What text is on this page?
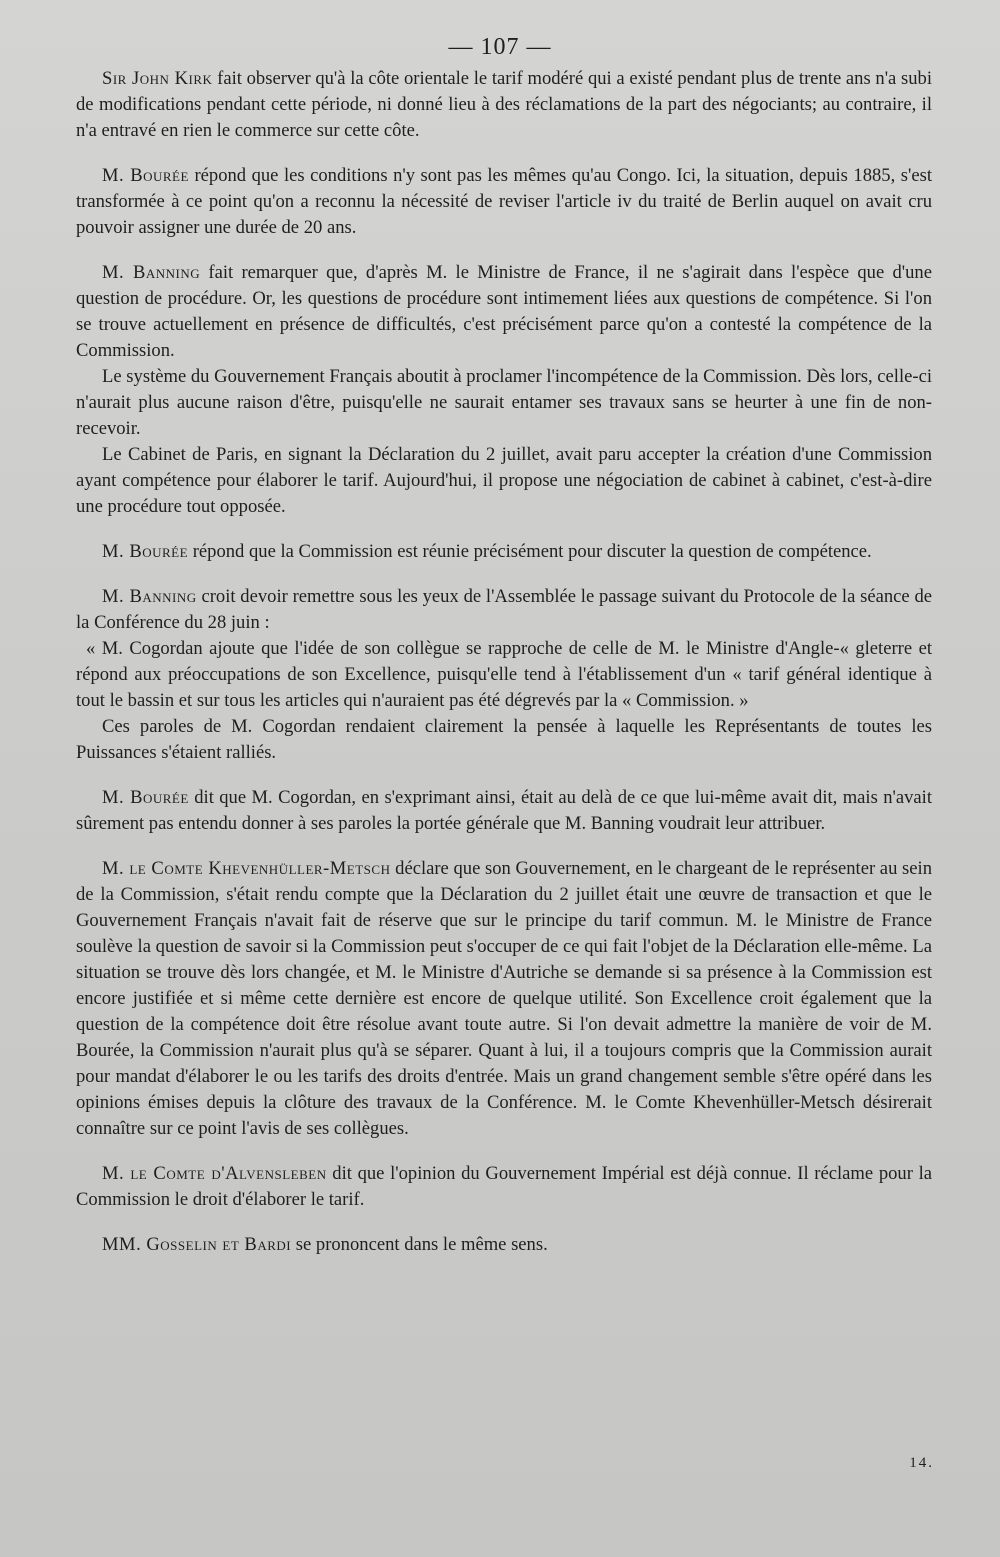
— 107 —

Sir John Kirk fait observer qu'à la côte orientale le tarif modéré qui a existé pendant plus de trente ans n'a subi de modifications pendant cette période, ni donné lieu à des réclamations de la part des négociants; au contraire, il n'a entravé en rien le commerce sur cette côte.

M. Bourée répond que les conditions n'y sont pas les mêmes qu'au Congo. Ici, la situation, depuis 1885, s'est transformée à ce point qu'on a reconnu la nécessité de reviser l'article iv du traité de Berlin auquel on avait cru pouvoir assigner une durée de 20 ans.

M. Banning fait remarquer que, d'après M. le Ministre de France, il ne s'agirait dans l'espèce que d'une question de procédure. Or, les questions de procédure sont intimement liées aux questions de compétence. Si l'on se trouve actuellement en présence de difficultés, c'est précisément parce qu'on a contesté la compétence de la Commission.

Le système du Gouvernement Français aboutit à proclamer l'incompétence de la Commission. Dès lors, celle-ci n'aurait plus aucune raison d'être, puisqu'elle ne saurait entamer ses travaux sans se heurter à une fin de non-recevoir.

Le Cabinet de Paris, en signant la Déclaration du 2 juillet, avait paru accepter la création d'une Commission ayant compétence pour élaborer le tarif. Aujourd'hui, il propose une négociation de cabinet à cabinet, c'est-à-dire une procédure tout opposée.

M. Bourée répond que la Commission est réunie précisément pour discuter la question de compétence.

M. Banning croit devoir remettre sous les yeux de l'Assemblée le passage suivant du Protocole de la séance de la Conférence du 28 juin :

« M. Cogordan ajoute que l'idée de son collègue se rapproche de celle de M. le Ministre d'Angle-« gleterre et répond aux préoccupations de son Excellence, puisqu'elle tend à l'établissement d'un « tarif général identique à tout le bassin et sur tous les articles qui n'auraient pas été dégrevés par la « Commission. »

Ces paroles de M. Cogordan rendaient clairement la pensée à laquelle les Représentants de toutes les Puissances s'étaient ralliés.

M. Bourée dit que M. Cogordan, en s'exprimant ainsi, était au delà de ce que lui-même avait dit, mais n'avait sûrement pas entendu donner à ses paroles la portée générale que M. Banning voudrait leur attribuer.

M. le Comte Khevenhüller-Metsch déclare que son Gouvernement, en le chargeant de le représenter au sein de la Commission, s'était rendu compte que la Déclaration du 2 juillet était une œuvre de transaction et que le Gouvernement Français n'avait fait de réserve que sur le principe du tarif commun. M. le Ministre de France soulève la question de savoir si la Commission peut s'occuper de ce qui fait l'objet de la Déclaration elle-même. La situation se trouve dès lors changée, et M. le Ministre d'Autriche se demande si sa présence à la Commission est encore justifiée et si même cette dernière est encore de quelque utilité. Son Excellence croit également que la question de la compétence doit être résolue avant toute autre. Si l'on devait admettre la manière de voir de M. Bourée, la Commission n'aurait plus qu'à se séparer. Quant à lui, il a toujours compris que la Commission aurait pour mandat d'élaborer le ou les tarifs des droits d'entrée. Mais un grand changement semble s'être opéré dans les opinions émises depuis la clôture des travaux de la Conférence. M. le Comte Khevenhüller-Metsch désirerait connaître sur ce point l'avis de ses collègues.

M. le Comte d'Alvensleben dit que l'opinion du Gouvernement Impérial est déjà connue. Il réclame pour la Commission le droit d'élaborer le tarif.

MM. Gosselin et Bardi se prononcent dans le même sens.

14.
